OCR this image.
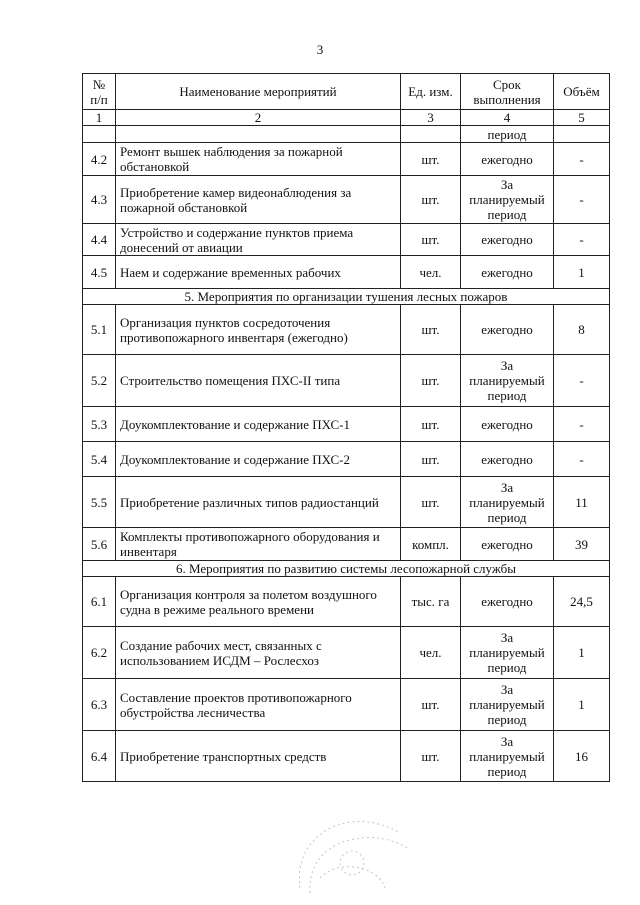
3
№ п/п	Наименование мероприятий	Ед. изм.	Срок выполнения	Объём
1	2	3	4	5
			период	
4.2	Ремонт вышек наблюдения за пожарной обстановкой	шт.	ежегодно	-
4.3	Приобретение камер видеонаблюдения за пожарной обстановкой	шт.	За планируемый период	-
4.4	Устройство и содержание пунктов приема донесений от авиации	шт.	ежегодно	-
4.5	Наем и содержание временных рабочих	чел.	ежегодно	1
5. Мероприятия по организации тушения лесных пожаров				
5.1	Организация пунктов сосредоточения противопожарного инвентаря (ежегодно)	шт.	ежегодно	8
5.2	Строительство помещения ПХС-II типа	шт.	За планируемый период	-
5.3	Доукомплектование и содержание ПХС-1	шт.	ежегодно	-
5.4	Доукомплектование и содержание ПХС-2	шт.	ежегодно	-
5.5	Приобретение различных типов радиостанций	шт.	За планируемый период	11
5.6	Комплекты противопожарного оборудования и инвентаря	компл.	ежегодно	39
6. Мероприятия по развитию системы лесопожарной службы				
6.1	Организация контроля за полетом воздушного судна в режиме реального времени	тыс. га	ежегодно	24,5
6.2	Создание рабочих мест, связанных с использованием ИСДМ – Рослесхоз	чел.	За планируемый период	1
6.3	Составление проектов противопожарного обустройства лесничества	шт.	За планируемый период	1
6.4	Приобретение транспортных средств	шт.	За планируемый период	16
